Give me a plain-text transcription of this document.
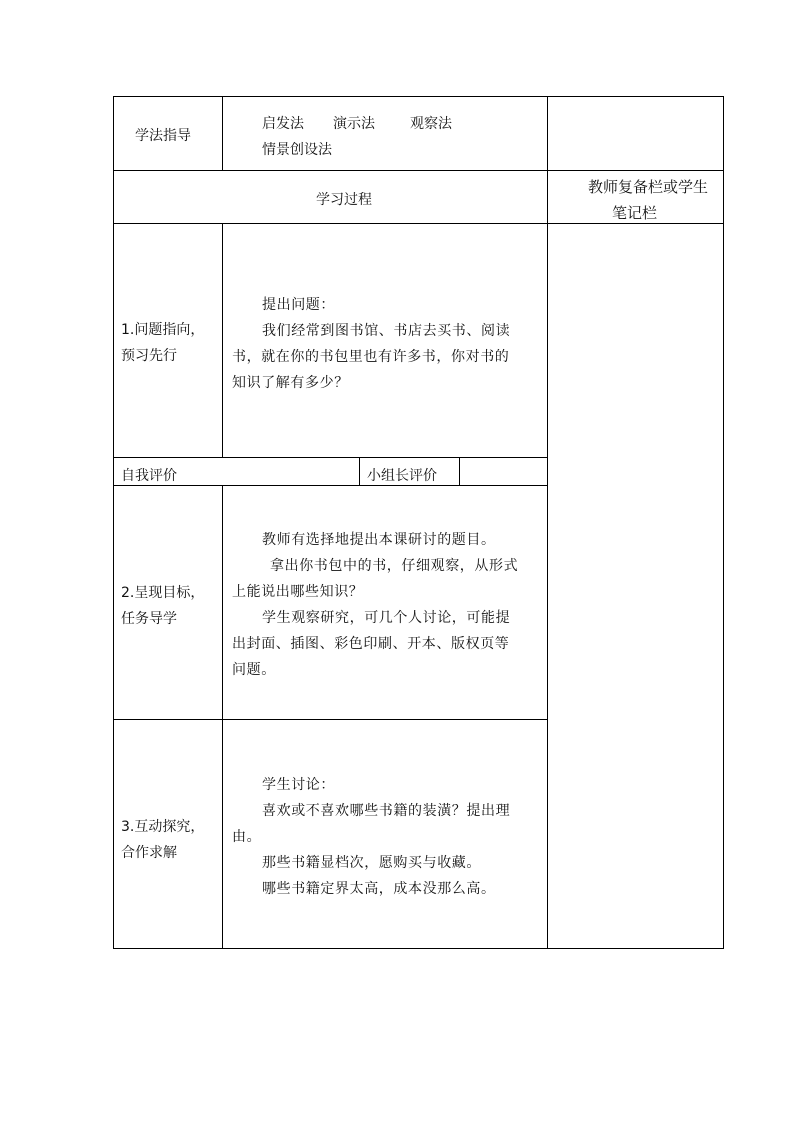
学法指导
启发法 演示法	观察法
情景创设法
学习过程
教师复备栏或学生
笔记栏
1.问题指向，
预习先行

提出问题：

我们经常到图书馆、书店去买书、阅读

书，就在你的书包里也有许多书，你对书的

知识了解有多少？

自我评价	小组长评价
2.呈现目标，
任务导学

教师有选择地提出本课研讨的题目。

拿出你书包中的书，仔细观察，从形式

上能说出哪些知识？

学生观察研究，可几个人讨论，可能提

出封面、插图、彩色印刷、开本、版权页等

问题。

3.互动探究，
合作求解

学生讨论：

喜欢或不喜欢哪些书籍的装潢？提出理

由。

那些书籍显档次，愿购买与收藏。

哪些书籍定界太高，成本没那么高。
